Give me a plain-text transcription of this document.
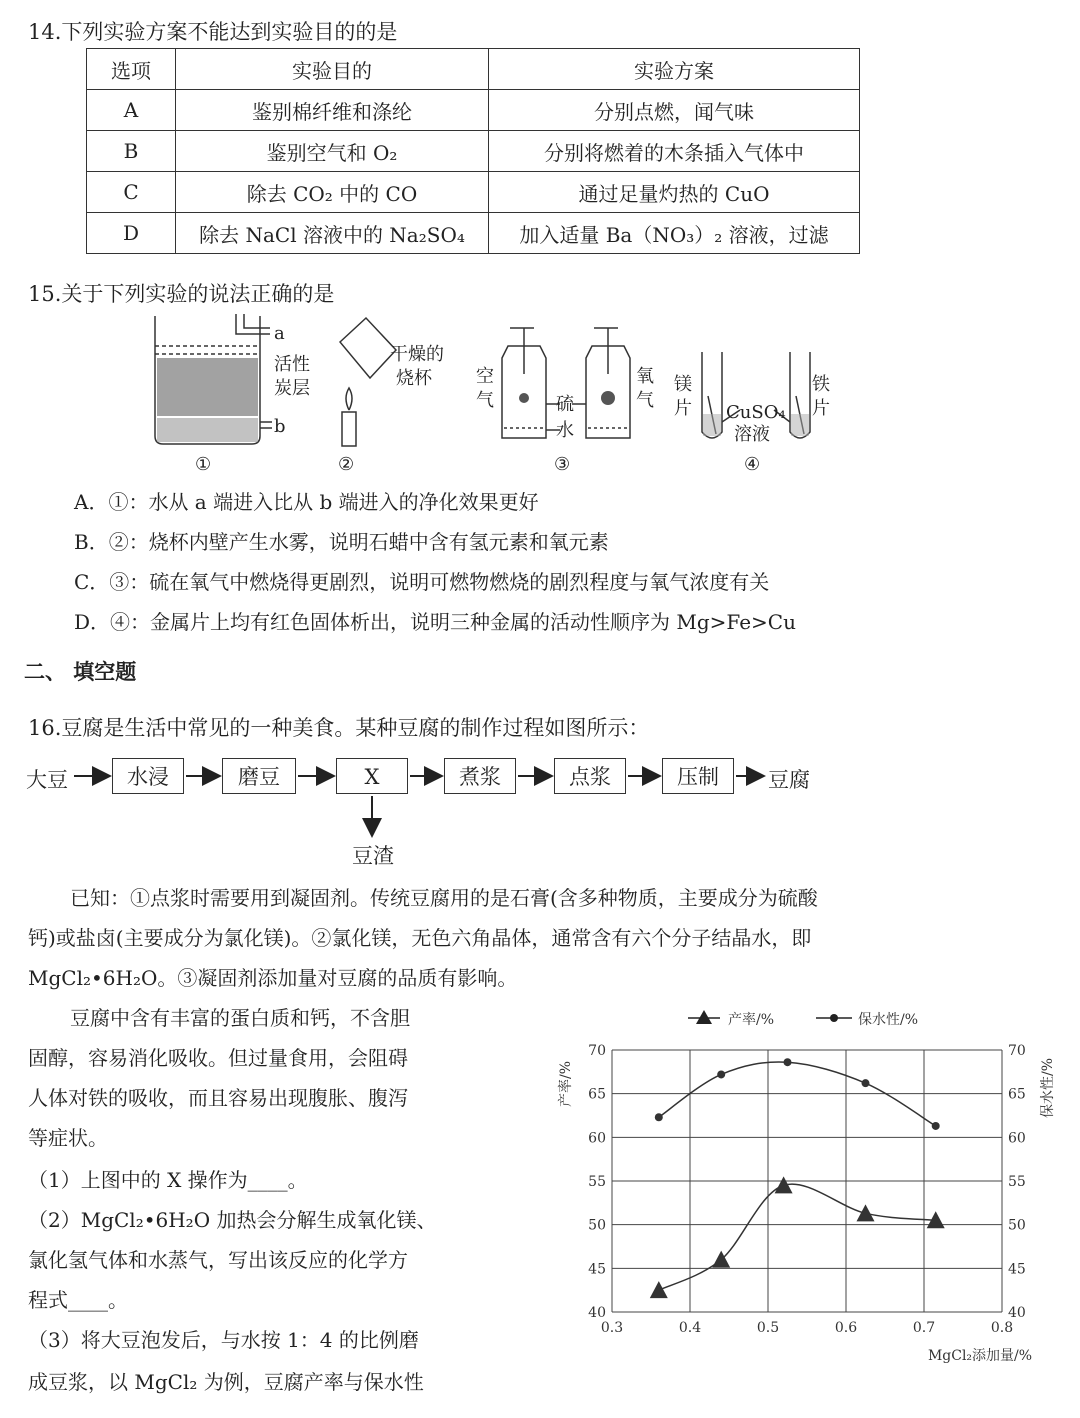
14.下列实验方案不能达到实验目的的是
选项	实验目的	实验方案
A	鉴别棉纤维和涤纶	分别点燃，闻气味
B	鉴别空气和 O₂	分别将燃着的木条插入气体中
C	除去 CO₂ 中的 CO	通过足量灼热的 CuO
D	除去 NaCl 溶液中的 Na₂SO₄	加入适量 Ba（NO₃）₂ 溶液，过滤
15.关于下列实验的说法正确的是
a
活性
炭层
b
干燥的
烧杯 空
气	硫
水
氧
气
镁
片 CuSO₄
溶液
铁
片
①	②	③	④
A．①：水从 a 端进入比从 b 端进入的净化效果更好
B．②：烧杯内壁产生水雾，说明石蜡中含有氢元素和氧元素
C．③：硫在氧气中燃烧得更剧烈，说明可燃物燃烧的剧烈程度与氧气浓度有关
D．④：金属片上均有红色固体析出，说明三种金属的活动性顺序为 Mg>Fe>Cu
二、 填空题
16.豆腐是生活中常见的一种美食。某种豆腐的制作过程如图所示：
大豆	水浸	磨豆	X	煮浆	点浆	压制	豆腐
豆渣
已知：①点浆时需要用到凝固剂。传统豆腐用的是石膏(含多种物质，主要成分为硫酸
钙)或盐卤(主要成分为氯化镁)。②氯化镁，无色六角晶体，通常含有六个分子结晶水，即
MgCl₂•6H₂O。③凝固剂添加量对豆腐的品质有影响。
豆腐中含有丰富的蛋白质和钙，不含胆
固醇，容易消化吸收。但过量食用，会阻碍
人体对铁的吸收，而且容易出现腹胀、腹泻
等症状。
（1）上图中的 X 操作为____。
（2）MgCl₂•6H₂O 加热会分解生成氧化镁、
氯化氢气体和水蒸气，写出该反应的化学方
程式____。
（3）将大豆泡发后，与水按 1：4 的比例磨
成豆浆，以 MgCl₂ 为例，豆腐产率与保水性
产率/%	保水性/%
产率/%	保水性/%
MgCl₂添加量/%
0.3	0.4	0.5	0.6	0.7	0.8
40	40
45	45
50	50
55	55
60	60
65	65
70	70
